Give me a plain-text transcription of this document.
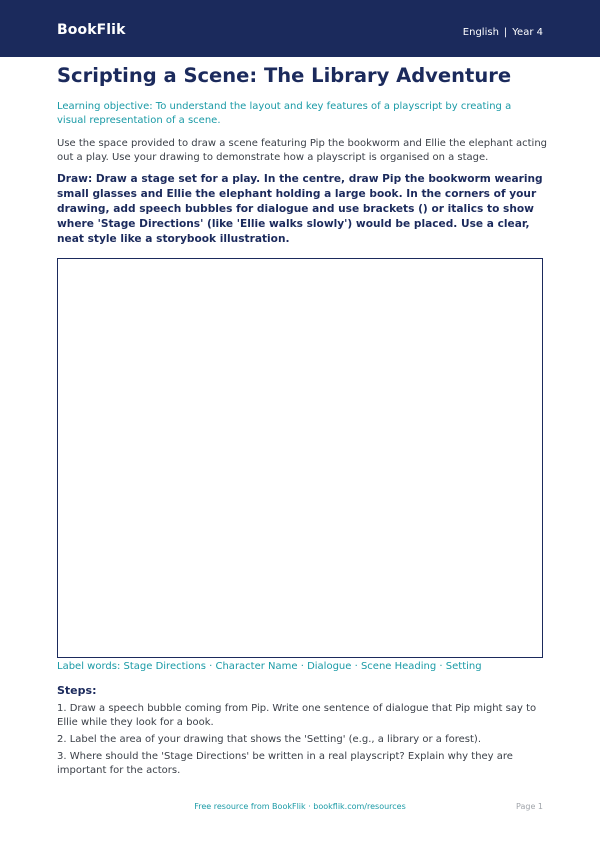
BookFlik	English | Year 4
Scripting a Scene: The Library Adventure
Learning objective: To understand the layout and key features of a playscript by creating a visual representation of a scene.
Use the space provided to draw a scene featuring Pip the bookworm and Ellie the elephant acting out a play. Use your drawing to demonstrate how a playscript is organised on a stage.
Draw: Draw a stage set for a play. In the centre, draw Pip the bookworm wearing small glasses and Ellie the elephant holding a large book. In the corners of your drawing, add speech bubbles for dialogue and use brackets () or italics to show where 'Stage Directions' (like 'Ellie walks slowly') would be placed. Use a clear, neat style like a storybook illustration.
Label words: Stage Directions · Character Name · Dialogue · Scene Heading · Setting
Steps:
1. Draw a speech bubble coming from Pip. Write one sentence of dialogue that Pip might say to Ellie while they look for a book.
2. Label the area of your drawing that shows the 'Setting' (e.g., a library or a forest).
3. Where should the 'Stage Directions' be written in a real playscript? Explain why they are important for the actors.
Free resource from BookFlik · bookflik.com/resources	Page 1
